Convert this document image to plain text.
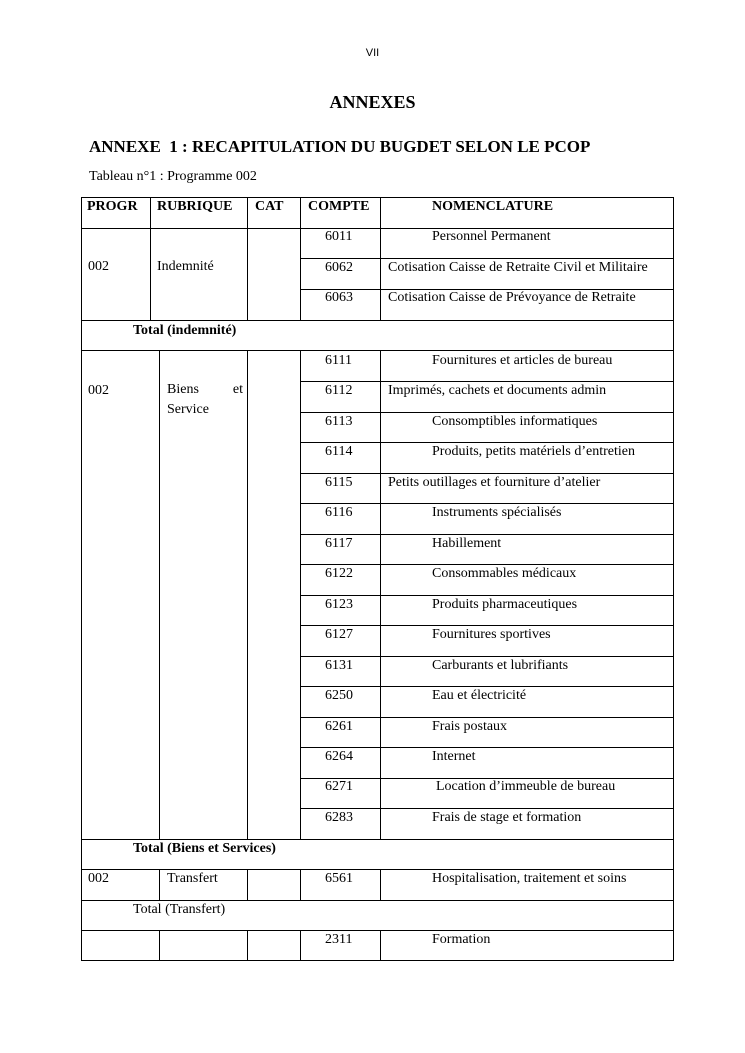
VII
ANNEXES
ANNEXE  1 : RECAPITULATION DU BUGDET SELON LE PCOP
Tableau n°1 : Programme 002
PROGR RUBRIQUE CAT COMPTE	NOMENCLATURE
002	Indemnité
6011	Personnel Permanent
6062	Cotisation Caisse de Retraite Civil et Militaire
6063	Cotisation Caisse de Prévoyance de Retraite
Total (indemnité)
002	Biens et
Service
6111	Fournitures et articles de bureau
6112	Imprimés, cachets et documents admin
6113	Consomptibles informatiques
6114	Produits, petits matériels d’entretien
6115	Petits outillages et fourniture d’atelier
6116	Instruments spécialisés
6117	Habillement
6122	Consommables médicaux
6123	Produits pharmaceutiques
6127	Fournitures sportives
6131	Carburants et lubrifiants
6250	Eau et électricité
6261	Frais postaux
6264	Internet
6271	Location d’immeuble de bureau
6283	Frais de stage et formation
Total (Biens et Services)
002	Transfert	6561	Hospitalisation, traitement et soins
Total (Transfert)
2311	Formation
